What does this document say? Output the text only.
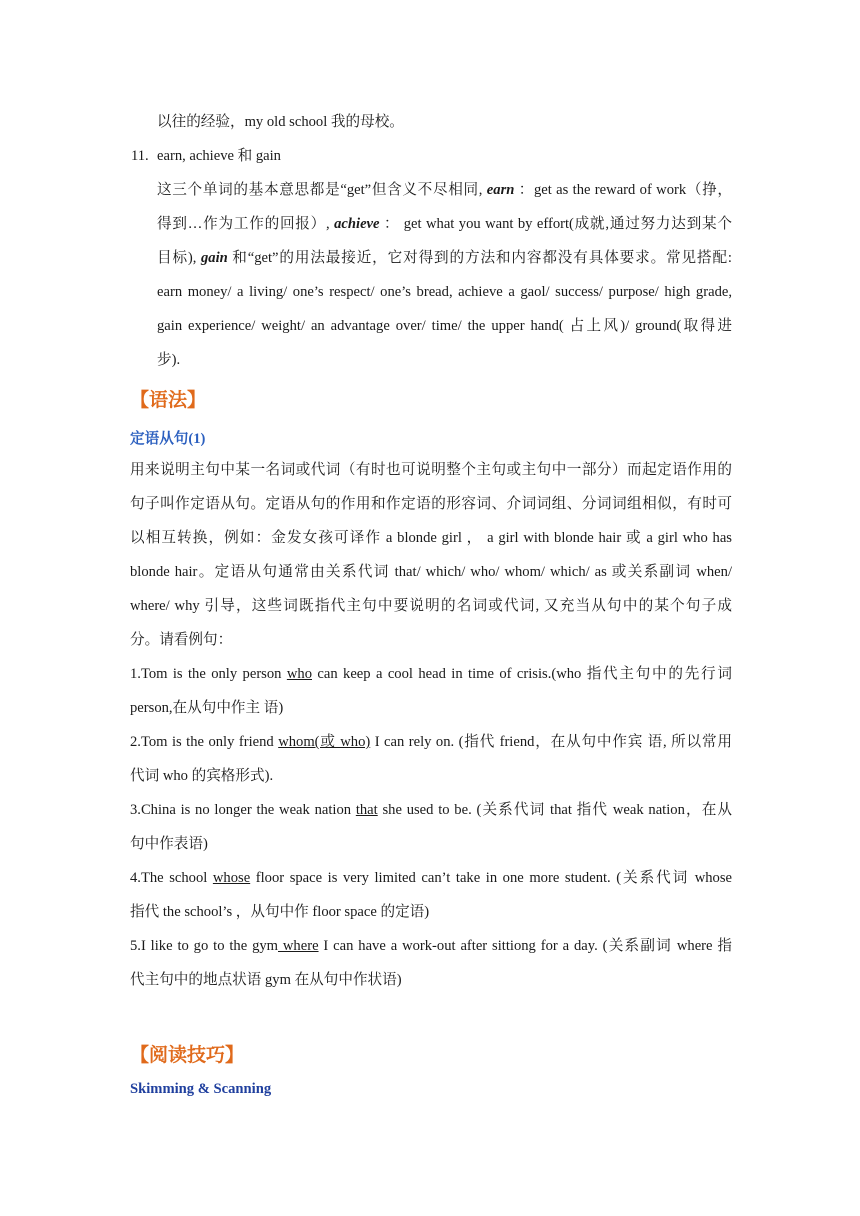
以往的经验，my old school 我的母校。
11. earn, achieve 和 gain
这三个单词的基本意思都是“get”但含义不尽相同, earn ：get as the reward of work（挣，
得到…作为工作的回报）, achieve ： get what you want by effort(成就,通过努力达到某个
目标), gain 和“get”的用法最接近，它对得到的方法和内容都没有具体要求。常见搭配:
earn money/ a living/ one’s respect/ one’s bread, achieve a gaol/ success/ purpose/ high grade,
gain experience/ weight/ an advantage over/ time/ the upper hand( 占上风)/ ground(取得进
步).
【语法】
定语从句(1)
用来说明主句中某一名词或代词（有时也可说明整个主句或主句中一部分）而起定语作用的
句子叫作定语从句。定语从句的作用和作定语的形容词、介词词组、分词词组相似，有时可
以相互转换，例如：金发女孩可译作 a blonde girl ， a girl with blonde hair 或 a girl who has
blonde hair。定语从句通常由关系代词 that/ which/ who/ whom/ which/ as 或关系副词 when/
where/ why 引导，这些词既指代主句中要说明的名词或代词, 又充当从句中的某个句子成
分。请看例句：
1.Tom is the only person who can keep a cool head in time of crisis.(who 指代主句中的先行词
person,在从句中作主 语)
2.Tom is the only friend whom(或 who) I can rely on. (指代 friend，在从句中作宾 语, 所以常用
代词 who 的宾格形式).
3.China is no longer the weak nation that she used to be. (关系代词 that 指代 weak nation，在从
句中作表语)
4.The school whose floor space is very limited can’t take in one more student. (关系代词 whose
指代 the school’s ，从句中作 floor space 的定语)
5.I like to go to the gym where I can have a work-out after sittiong for a day. (关系副词 where 指
代主句中的地点状语 gym 在从句中作状语)
【阅读技巧】
Skimming & Scanning
